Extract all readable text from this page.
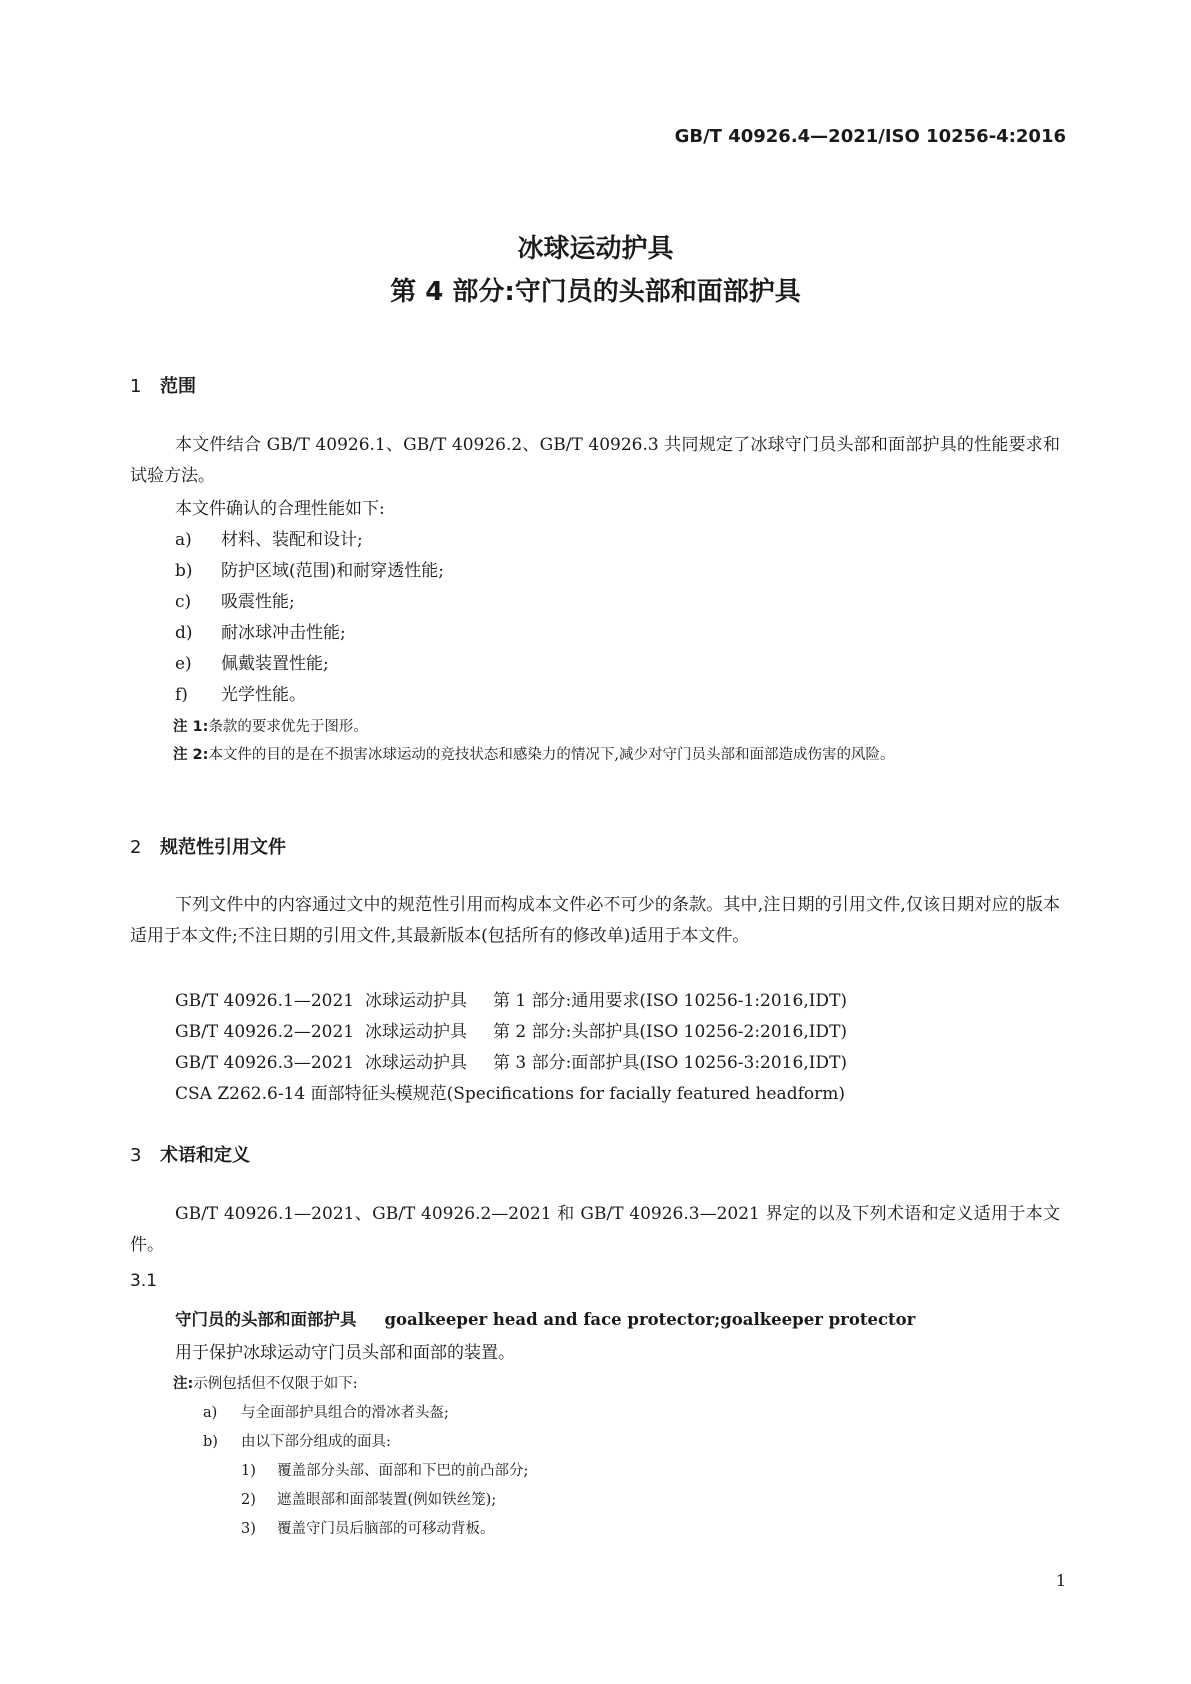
GB/T 40926.4—2021/ISO 10256-4:2016
冰球运动护具
第 4 部分:守门员的头部和面部护具
1 范围
本文件结合 GB/T 40926.1、GB/T 40926.2、GB/T 40926.3 共同规定了冰球守门员头部和面部护具的性能要求和试验方法。
本文件确认的合理性能如下:
a) 材料、装配和设计;
b) 防护区域(范围)和耐穿透性能;
c) 吸震性能;
d) 耐冰球冲击性能;
e) 佩戴装置性能;
f) 光学性能。
注 1:条款的要求优先于图形。
注 2:本文件的目的是在不损害冰球运动的竞技状态和感染力的情况下,减少对守门员头部和面部造成伤害的风险。
2 规范性引用文件
下列文件中的内容通过文中的规范性引用而构成本文件必不可少的条款。其中,注日期的引用文件,仅该日期对应的版本适用于本文件;不注日期的引用文件,其最新版本(包括所有的修改单)适用于本文件。
GB/T 40926.1—2021 冰球运动护具 第 1 部分:通用要求(ISO 10256-1:2016,IDT)
GB/T 40926.2—2021 冰球运动护具 第 2 部分:头部护具(ISO 10256-2:2016,IDT)
GB/T 40926.3—2021 冰球运动护具 第 3 部分:面部护具(ISO 10256-3:2016,IDT)
CSA Z262.6-14 面部特征头模规范(Specifications for facially featured headform)
3 术语和定义
GB/T 40926.1—2021、GB/T 40926.2—2021 和 GB/T 40926.3—2021 界定的以及下列术语和定义适用于本文件。
3.1
守门员的头部和面部护具 goalkeeper head and face protector;goalkeeper protector
用于保护冰球运动守门员头部和面部的装置。
注:示例包括但不仅限于如下:
a) 与全面部护具组合的滑冰者头盔;
b) 由以下部分组成的面具:
1) 覆盖部分头部、面部和下巴的前凸部分;
2) 遮盖眼部和面部装置(例如铁丝笼);
3) 覆盖守门员后脑部的可移动背板。
1
